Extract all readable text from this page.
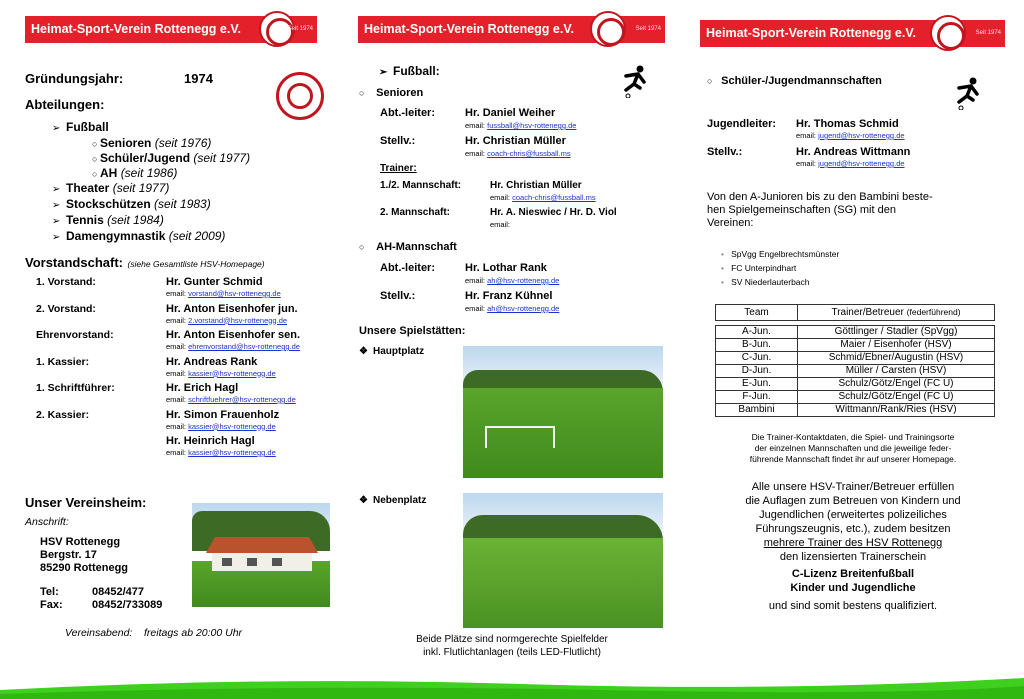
Heimat-Sport-Verein Rottenegg e.V.	Seit 1974
Gründungsjahr:	1974
Abteilungen:
➢ Fußball
○ Senioren (seit 1976)
○ Schüler/Jugend (seit 1977)
○ AH (seit 1986)
➢ Theater (seit 1977)
➢ Stockschützen (seit 1983)
➢ Tennis (seit 1984)
➢ Damengymnastik (seit 2009)
Vorstandschaft: (siehe Gesamtliste HSV-Homepage)
1. Vorstand:	Hr. Gunter Schmid
email: vorstand@hsv-rottenegg.de
2. Vorstand:	Hr. Anton Eisenhofer jun.
email: 2.vorstand@hsv-rottenegg.de
Ehrenvorstand:	Hr. Anton Eisenhofer sen.
email: ehrenvorstand@hsv-rottenegg.de
1. Kassier:	Hr. Andreas Rank
email: kassier@hsv-rottenegg.de
1. Schriftführer:	Hr. Erich Hagl
email: schriftfuehrer@hsv-rottenegg.de
2. Kassier:	Hr. Simon Frauenholz
email: kassier@hsv-rottenegg.de
Hr. Heinrich Hagl
email: kassier@hsv-rottenegg.de
Unser Vereinsheim:
Anschrift:
HSV Rottenegg
Bergstr. 17
85290 Rottenegg
Tel:	08452/477
Fax:	08452/733089
Vereinsabend: freitags ab 20:00 Uhr
Heimat-Sport-Verein Rottenegg e.V.	Seit 1974
➢ Fußball:
○ Senioren
Abt.-leiter:	Hr. Daniel Weiher
email: fussball@hsv-rottenegg.de
Stellv.:	Hr. Christian Müller
email: coach-chris@fussball.ms
Trainer:
1./2. Mannschaft:	Hr. Christian Müller
email: coach-chris@fussball.ms
2. Mannschaft:	Hr. A. Nieswiec / Hr. D. Viol
email:
○ AH-Mannschaft
Abt.-leiter:	Hr. Lothar Rank
email: ah@hsv-rottenegg.de
Stellv.:	Hr. Franz Kühnel
email: ah@hsv-rottenegg.de
Unsere Spielstätten:
❖ Hauptplatz
❖ Nebenplatz
Beide Plätze sind normgerechte Spielfelder
inkl. Flutlichtanlagen (teils LED-Flutlicht)
Heimat-Sport-Verein Rottenegg e.V.	Seit 1974
○ Schüler-/Jugendmannschaften
Jugendleiter: Hr. Thomas Schmid
email: jugend@hsv-rottenegg.de
Stellv.:	Hr. Andreas Wittmann
email: jugend@hsv-rottenegg.de
Von den A-Junioren bis zu den Bambini beste-
hen Spielgemeinschaften (SG) mit den
Vereinen:
• SpVgg Engelbrechtsmünster
• FC Unterpindhart
• SV Niederlauterbach
Team	Trainer/Betreuer (federführend)

A-Jun.	Göttlinger / Stadler (SpVgg)
B-Jun.	Maier / Eisenhofer (HSV)
C-Jun.	Schmid/Ebner/Augustin (HSV)
D-Jun.	Müller / Carsten (HSV)
E-Jun.	Schulz/Götz/Engel (FC U)
F-Jun.	Schulz/Götz/Engel (FC U)
Bambini	Wittmann/Rank/Ries (HSV)
Die Trainer-Kontaktdaten, die Spiel- und Trainingsorte
der einzelnen Mannschaften und die jeweilige feder-
führende Mannschaft findet ihr auf unserer Homepage.
Alle unsere HSV-Trainer/Betreuer erfüllen
die Auflagen zum Betreuen von Kindern und
Jugendlichen (erweitertes polizeiliches
Führungszeugnis, etc.), zudem besitzen
mehrere Trainer des HSV Rottenegg
den lizensierten Trainerschein
C-Lizenz Breitenfußball
Kinder und Jugendliche
und sind somit bestens qualifiziert.
